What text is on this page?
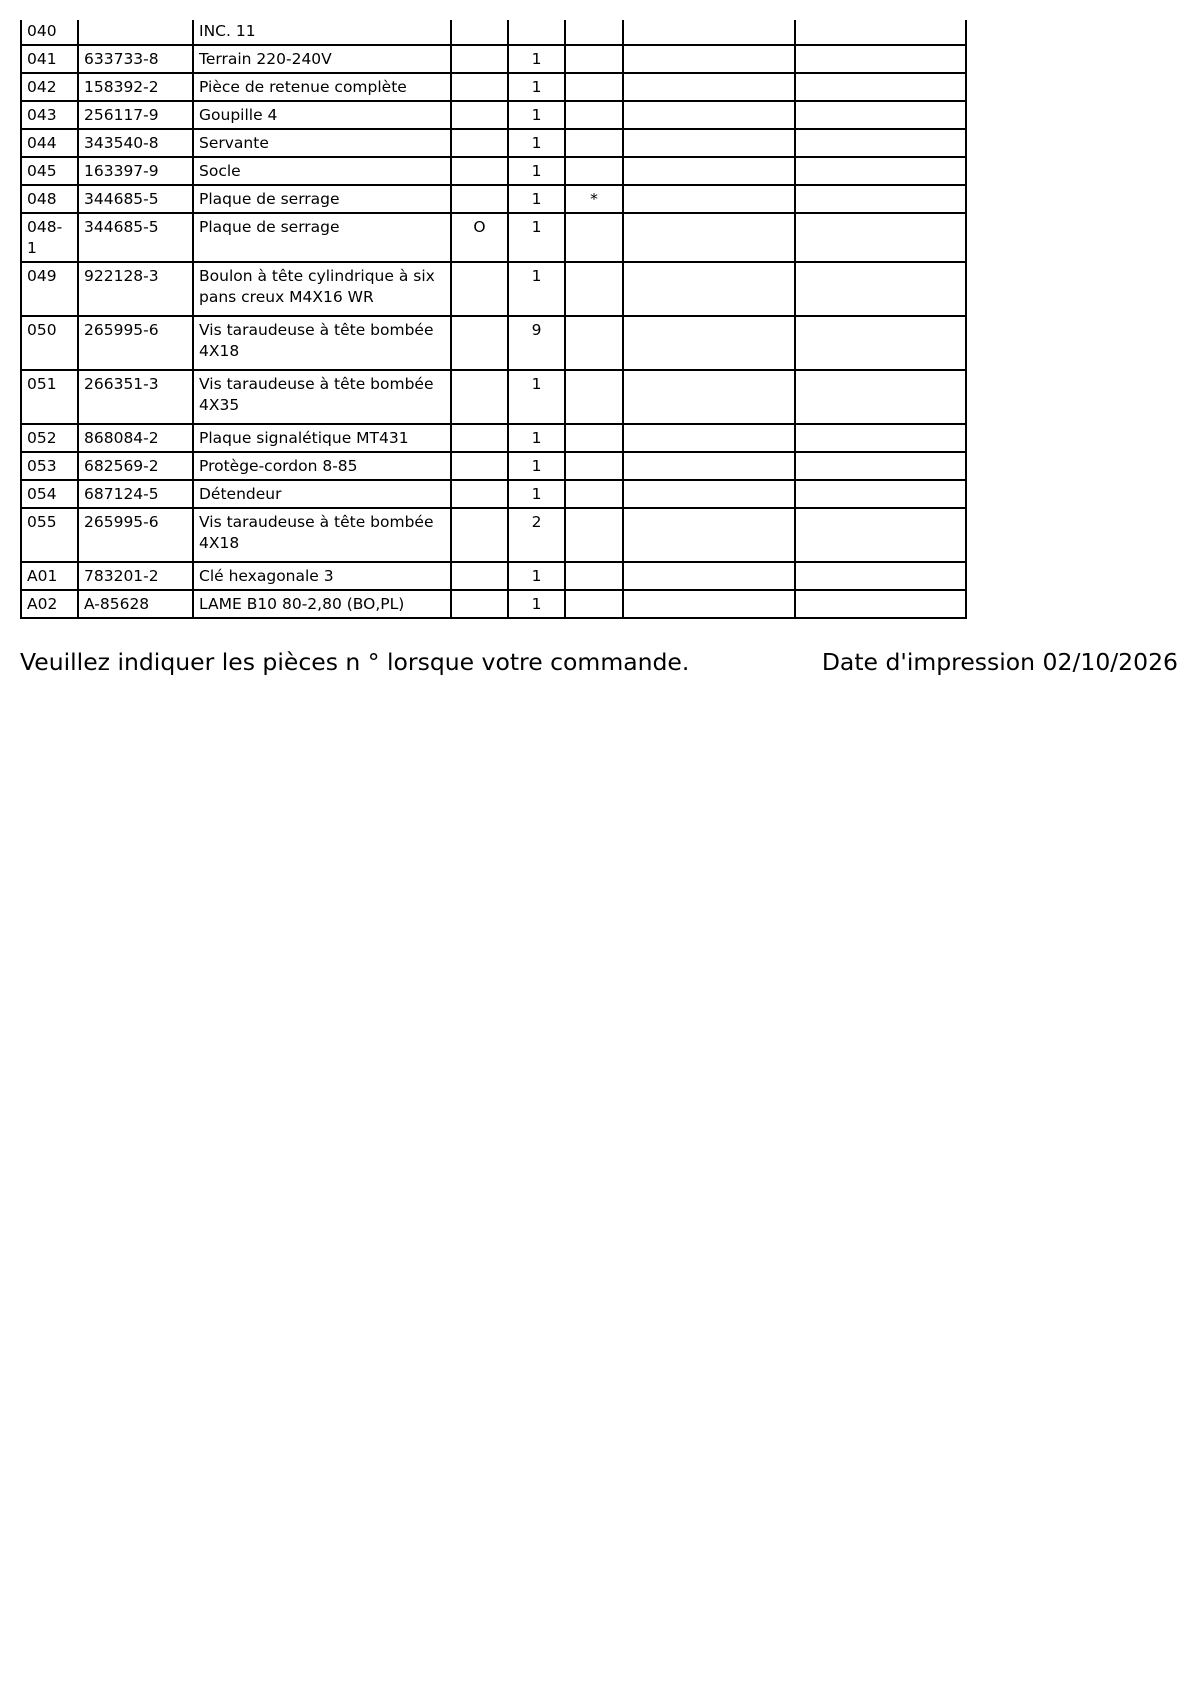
040		INC. 11					
041	633733-8	Terrain 220-240V		1			
042	158392-2	Pièce de retenue complète		1			
043	256117-9	Goupille 4		1			
044	343540-8	Servante		1			
045	163397-9	Socle		1			
048	344685-5	Plaque de serrage		1	*		
048-1	344685-5	Plaque de serrage	O	1			
049	922128-3	Boulon à tête cylindrique à six pans creux M4X16 WR		1			
050	265995-6	Vis taraudeuse à tête bombée 4X18		9			
051	266351-3	Vis taraudeuse à tête bombée 4X35		1			
052	868084-2	Plaque signalétique MT431		1			
053	682569-2	Protège-cordon 8-85		1			
054	687124-5	Détendeur		1			
055	265995-6	Vis taraudeuse à tête bombée 4X18		2			
A01	783201-2	Clé hexagonale 3		1			
A02	A-85628	LAME B10 80-2,80 (BO,PL)		1			
Veuillez indiquer les pièces n ° lorsque votre commande.	Date d'impression 02/10/2026
